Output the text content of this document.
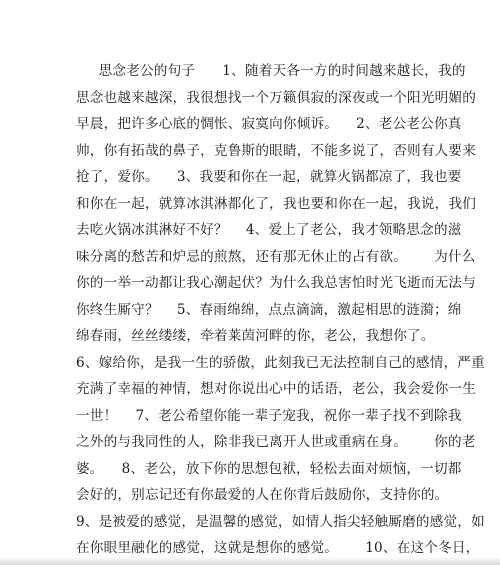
思念老公的句子      1、随着天各一方的时间越来越长，我的
思念也越来越深，我很想找一个万籁俱寂的深夜或一个阳光明媚的
早晨，把许多心底的惆怅、寂寞向你倾诉。    2、老公老公你真
帅，你有拓哉的鼻子，克鲁斯的眼睛，不能多说了，否则有人要来
抢了，爱你。    3、我要和你在一起，就算火锅都凉了，我也要
和你在一起，就算冰淇淋都化了，我也要和你在一起，我说，我们
去吃火锅冰淇淋好不好？    4、爱上了老公，我才领略思念的滋
味分离的愁苦和炉忌的煎熬，还有那无休止的占有欲。      为什么
你的一举一动都让我心潮起伏？为什么我总害怕时光飞逝而无法与
你终生厮守？    5、春雨绵绵，点点滴滴，激起相思的涟漪；绵
绵春雨，丝丝缕缕，牵着莱茵河畔的你，老公，我想你了。
6、嫁给你，是我一生的骄傲，此刻我已无法控制自己的感情，严重
充满了幸福的神情，想对你说出心中的话语，老公，我会爱你一生
一世！    7、老公希望你能一辈子宠我，祝你一辈子找不到除我
之外的与我同性的人，除非我已离开人世或重病在身。      你的老
婆。    8、老公，放下你的思想包袱，轻松去面对烦恼，一切都
会好的，别忘记还有你最爱的人在你背后鼓励你，支持你的。
9、是被爱的感觉，是温馨的感觉，如情人指尖轻触厮磨的感觉，如
在你眼里融化的感觉，这就是想你的感觉。      10、在这个冬日，
